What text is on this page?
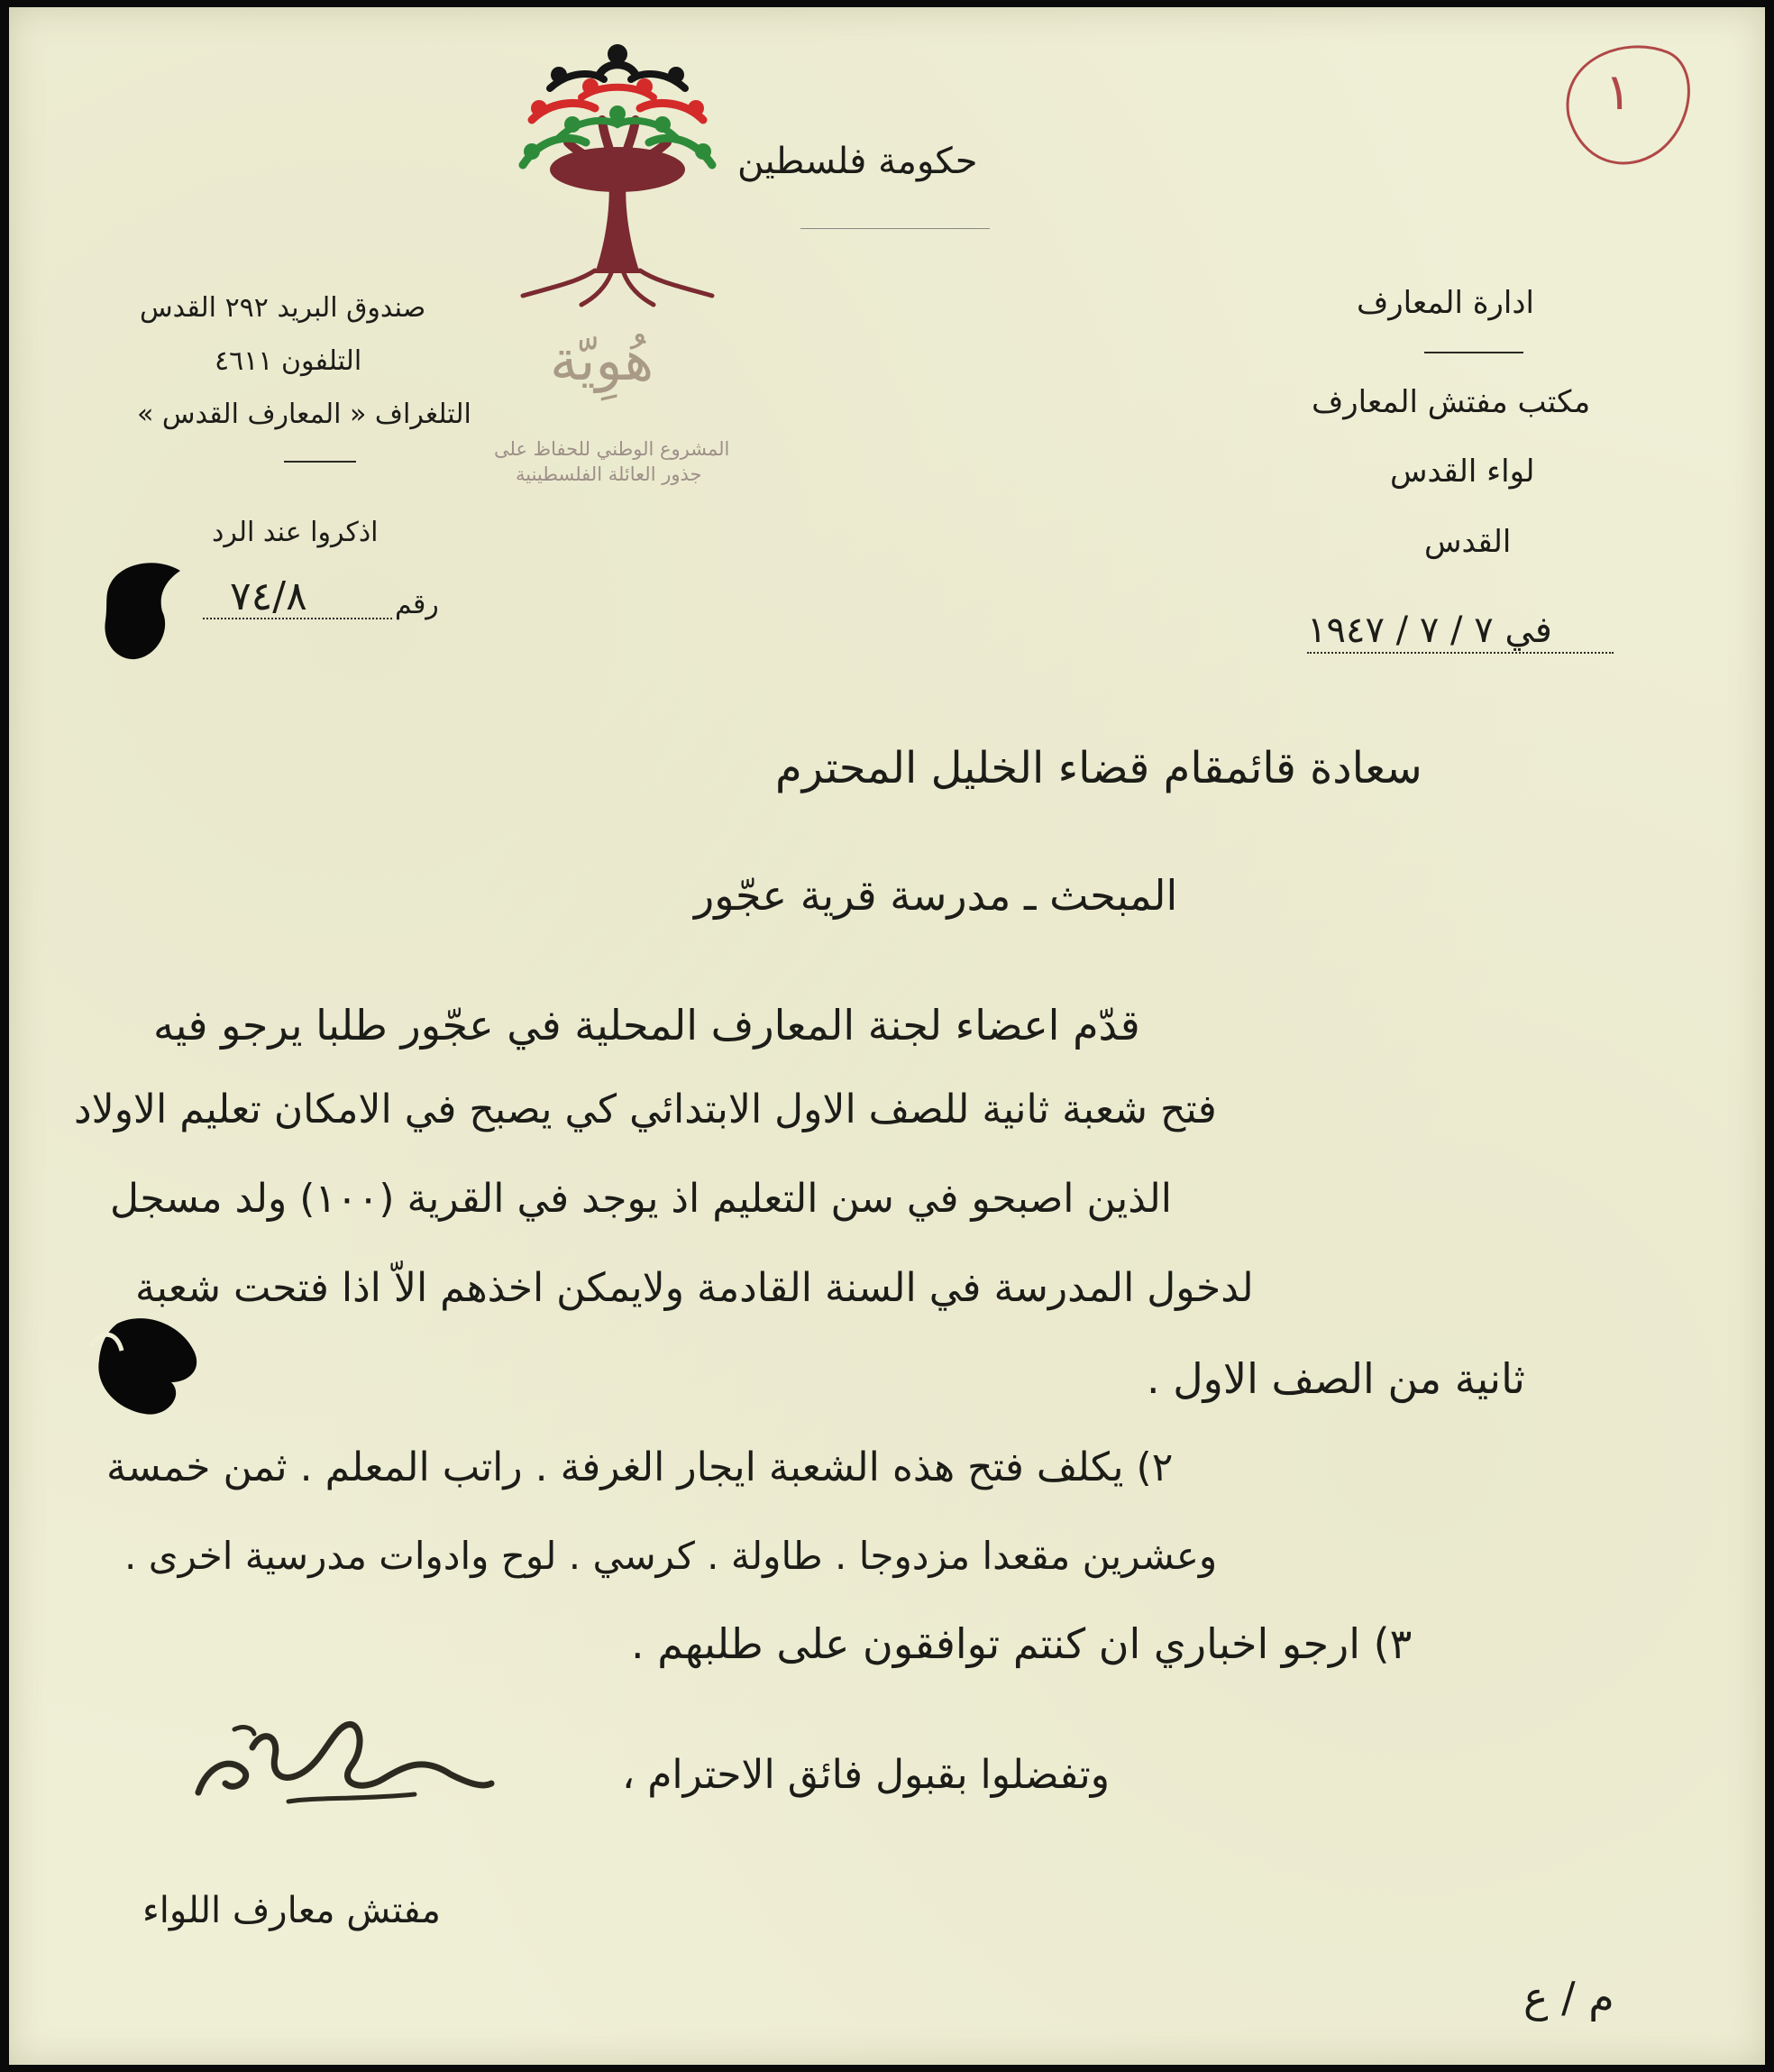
١
هُوِيّة
المشروع الوطني للحفاظ على
جذور العائلة الفلسطينية
حكومة فلسطين
ادارة المعارف
مكتب مفتش المعارف
لواء القدس
القدس
في ٧ / ٧ / ١٩٤٧
صندوق البريد ٢٩٢ القدس
التلفون ٤٦١١
التلغراف « المعارف القدس »
اذكروا عند الرد
رقم
٧٤/٨
سعادة قائمقام قضاء الخليل المحترم
المبحث ـ مدرسة قرية عجّور
قدّم اعضاء لجنة المعارف المحلية في عجّور طلبا يرجو فيه
فتح شعبة ثانية للصف الاول الابتدائي كي يصبح في الامكان تعليم الاولاد
الذين اصبحو في سن التعليم اذ يوجد في القرية (١٠٠) ولد مسجل
لدخول المدرسة في السنة القادمة ولايمكن اخذهم الاّ اذا فتحت شعبة
ثانية من الصف الاول .
٢) يكلف فتح هذه الشعبة ايجار الغرفة . راتب المعلم . ثمن خمسة
وعشرين مقعدا مزدوجا . طاولة . كرسي . لوح وادوات مدرسية اخرى .
٣) ارجو اخباري ان كنتم توافقون على طلبهم .
وتفضلوا بقبول فائق الاحترام ،
مفتش معارف اللواء
م / ع
